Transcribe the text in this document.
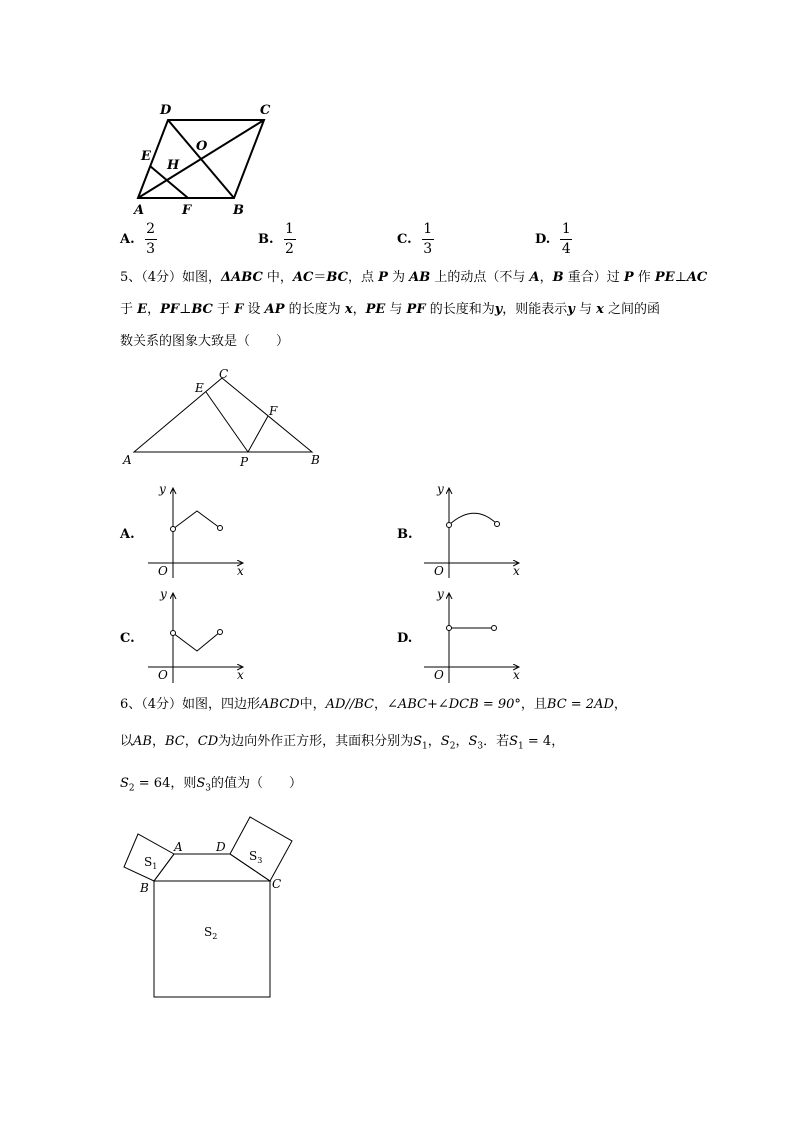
D	C
E
H
O
A	F	B
A. $\frac{2}{3}$	B. $\frac{1}{2}$	C. $\frac{1}{3}$	D. $\frac{1}{4}$
5、（4分）如图，ΔABC 中，AC＝BC，点 P 为 AB 上的动点（不与 A，B 重合）过 P 作 PE⊥AC
于 E，PF⊥BC 于 F 设 AP 的长度为 x，PE 与 PF 的长度和为y，则能表示y 与 x 之间的函
数关系的图象大致是（　　）
E
C
F
A	P	B
A.
y
x
O
B.
y
x
O
C.
y
x
O
D.
y
x
O
6、（4分）如图，四边形ABCD中，AD//BC，∠ABC+∠DCB = 90°，且BC = 2AD，
以AB，BC，CD为边向外作正方形，其面积分别为$S_1$，$S_2$，$S_3$．若$S_1 = 4$，
$S_2 = 64$，则$S_3$的值为（　　）
A	D
B	C
$S_1$
$S_3$
$S_2$
